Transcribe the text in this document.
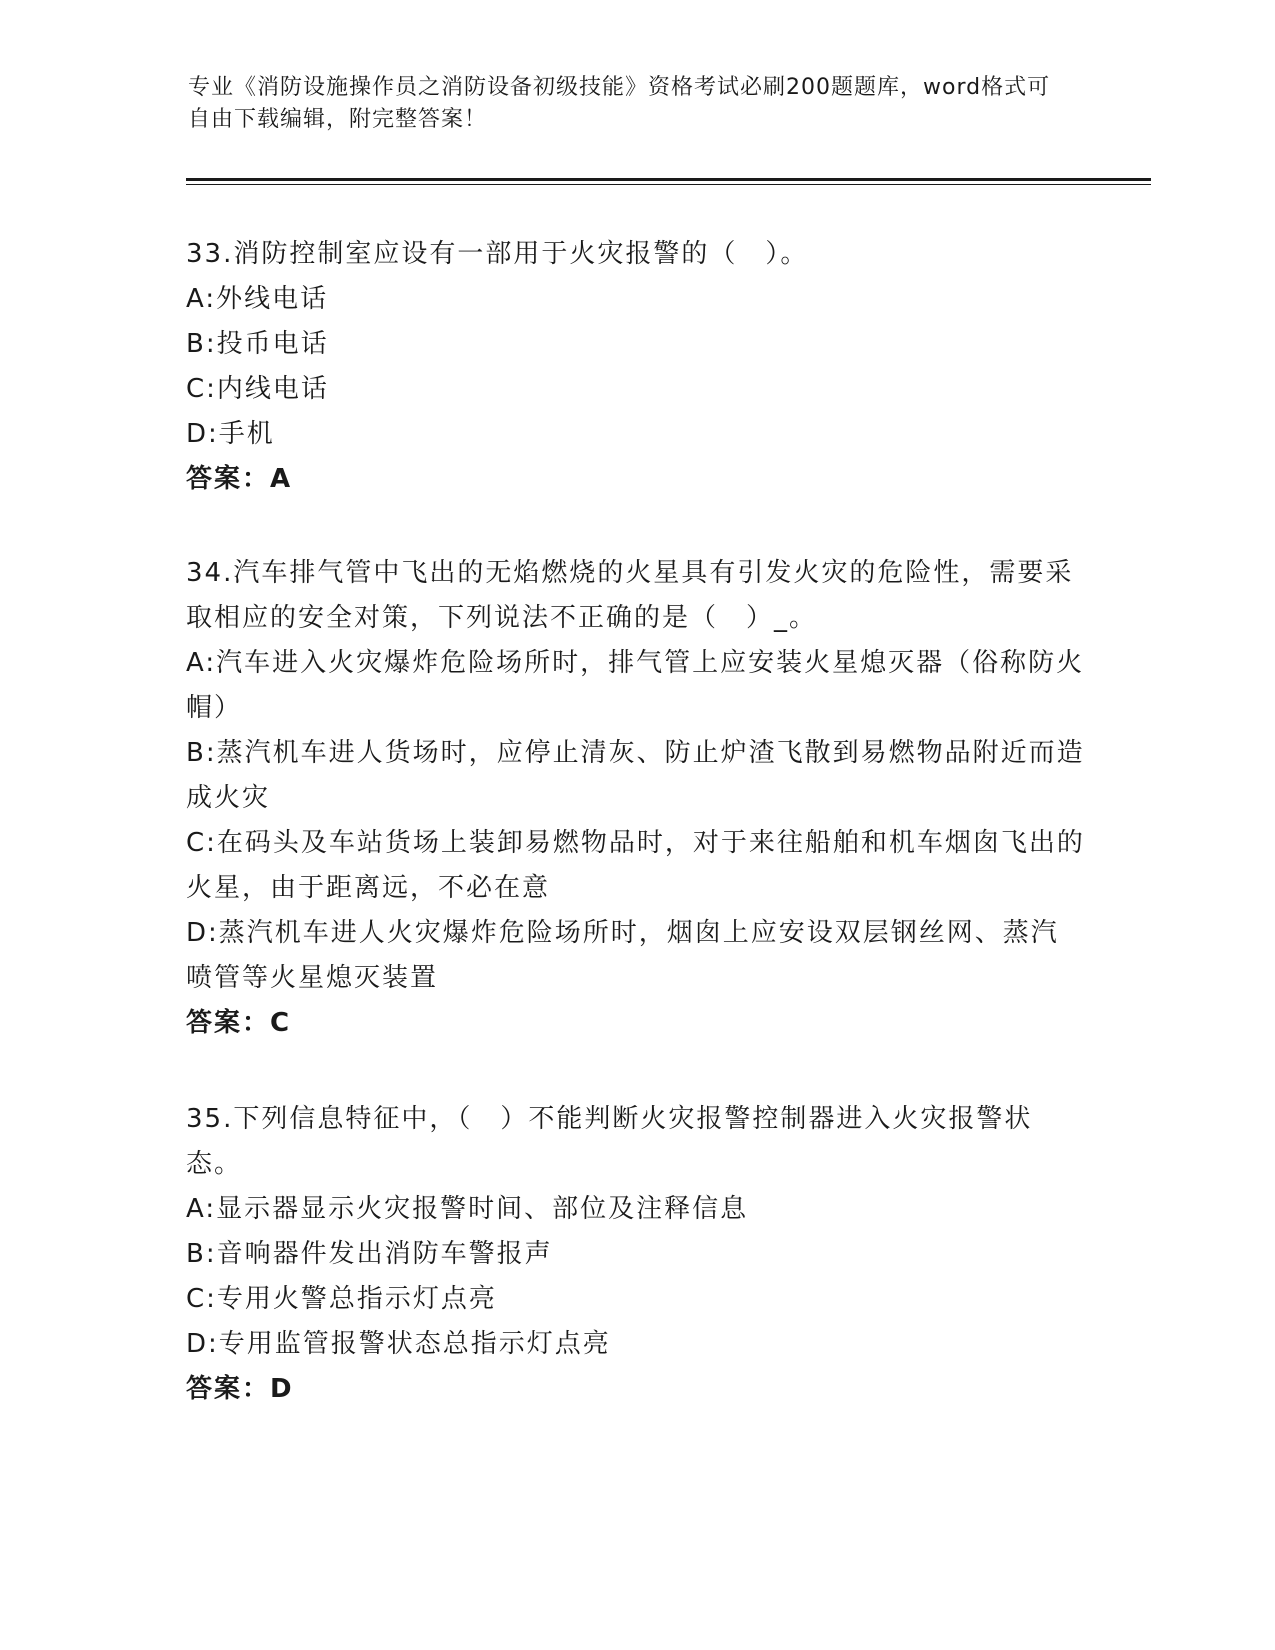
专业《消防设施操作员之消防设备初级技能》资格考试必刷200题题库，word格式可自由下载编辑，附完整答案！
33.消防控制室应设有一部用于火灾报警的（　）。
A:外线电话
B:投币电话
C:内线电话
D:手机
答案：A
34.汽车排气管中飞出的无焰燃烧的火星具有引发火灾的危险性，需要采取相应的安全对策，下列说法不正确的是（　）_。
A:汽车进入火灾爆炸危险场所时，排气管上应安装火星熄灭器（俗称防火帽）
B:蒸汽机车进人货场时，应停止清灰、防止炉渣飞散到易燃物品附近而造成火灾
C:在码头及车站货场上装卸易燃物品时，对于来往船舶和机车烟囱飞出的火星，由于距离远，不必在意
D:蒸汽机车进人火灾爆炸危险场所时，烟囱上应安设双层钢丝网、蒸汽喷管等火星熄灭装置
答案：C
35.下列信息特征中，（　）不能判断火灾报警控制器进入火灾报警状态。
A:显示器显示火灾报警时间、部位及注释信息
B:音响器件发出消防车警报声
C:专用火警总指示灯点亮
D:专用监管报警状态总指示灯点亮
答案：D
